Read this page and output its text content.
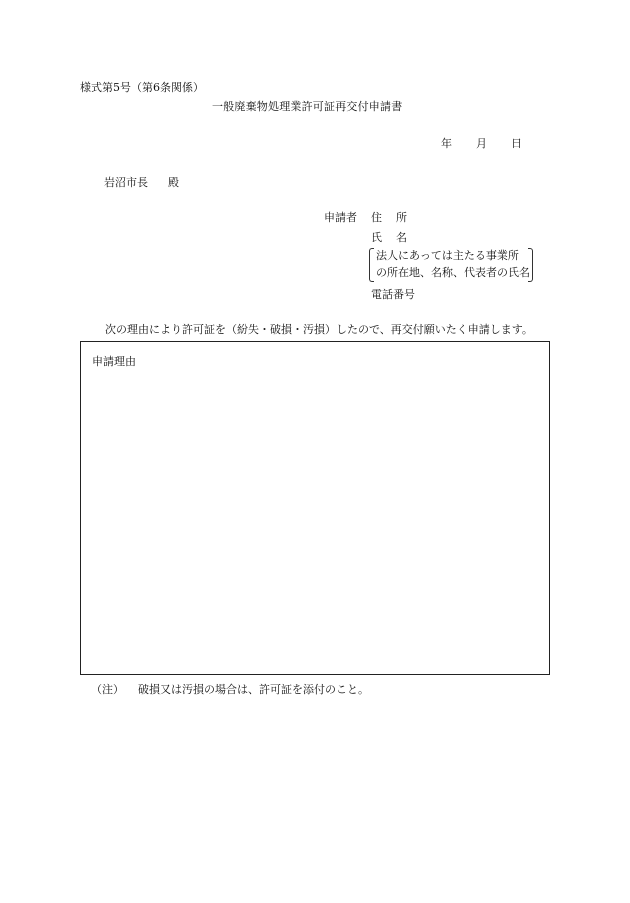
様式第5号（第6条関係）
一般廃棄物処理業許可証再交付申請書
年 月 日
岩沼市長 殿
申請者 住 所
氏 名
法人にあっては主たる事業所
の所在地、名称、代表者の氏名
電話番号
次の理由により許可証を（紛失・破損・汚損）したので、再交付願いたく申請します。
申請理由
（注） 破損又は汚損の場合は、許可証を添付のこと。
